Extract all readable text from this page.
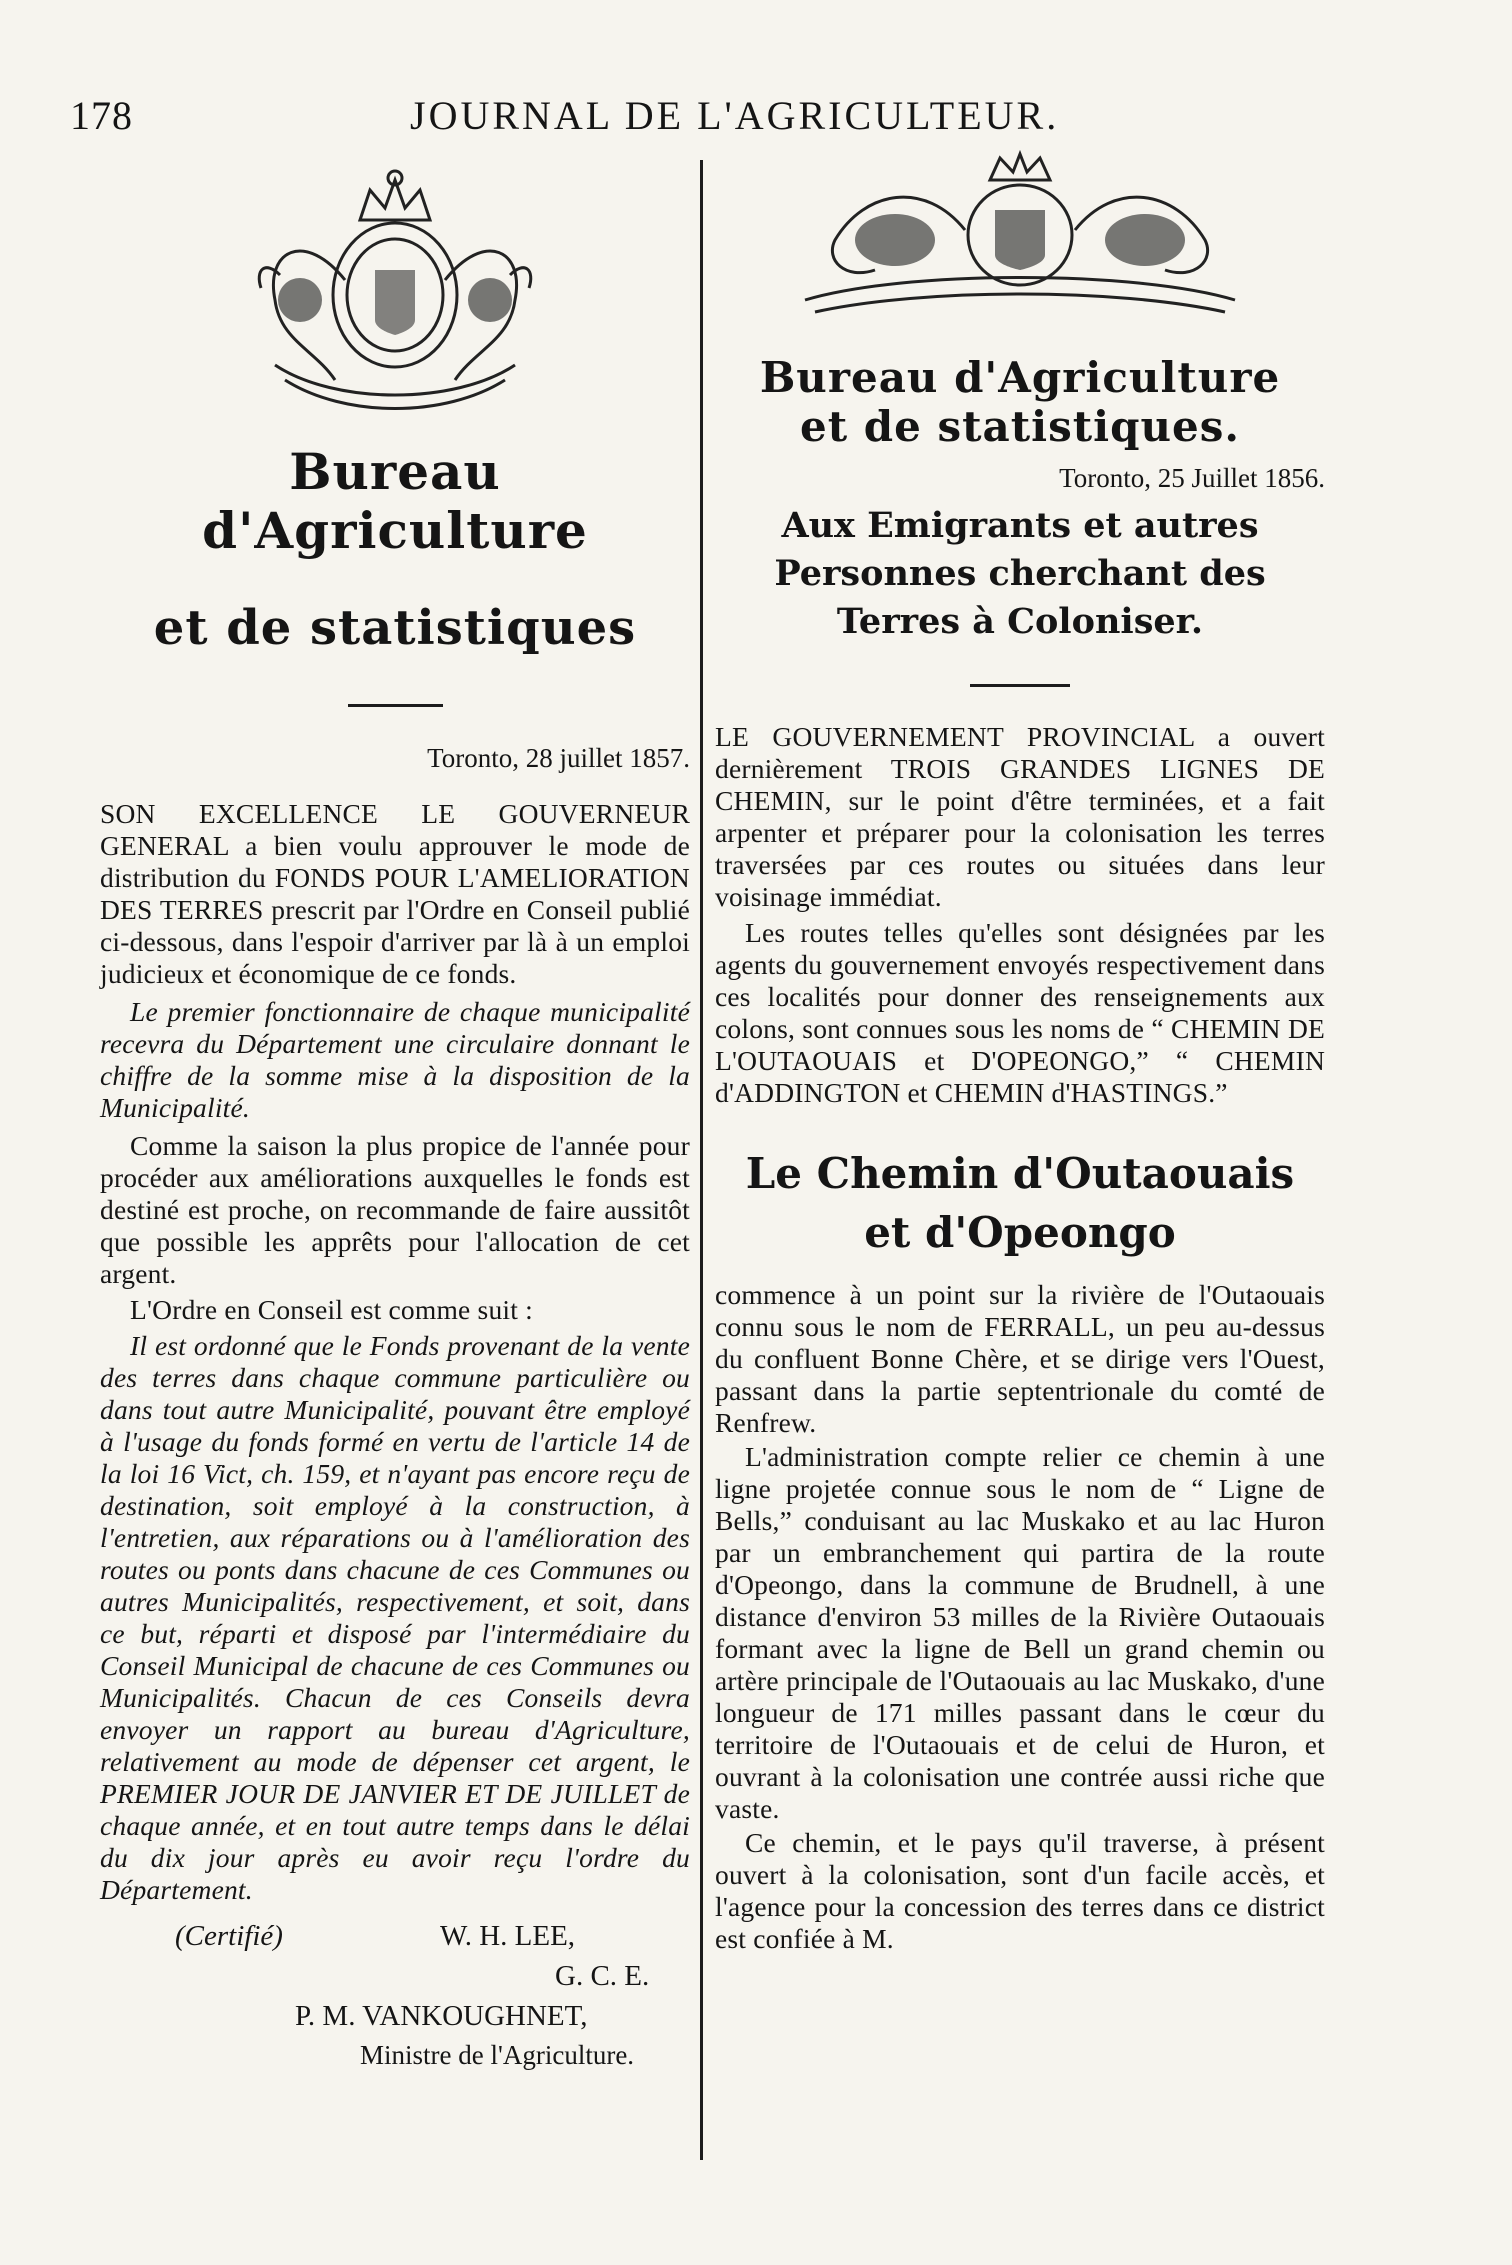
178	JOURNAL DE L'AGRICULTEUR.
Bureau d'Agriculture
et de statistiques

Toronto, 28 juillet 1857.

SON EXCELLENCE LE GOUVERNEUR GENERAL a bien voulu approuver le mode de distribution du FONDS POUR L'AMELIORATION DES TERRES prescrit par l'Ordre en Conseil publié ci-dessous, dans l'espoir d'arriver par là à un emploi judicieux et économique de ce fonds.

Le premier fonctionnaire de chaque municipalité recevra du Département une circulaire donnant le chiffre de la somme mise à la disposition de la Municipalité.

Comme la saison la plus propice de l'année pour procéder aux améliorations auxquelles le fonds est destiné est proche, on recommande de faire aussitôt que possible les apprêts pour l'allocation de cet argent.

L'Ordre en Conseil est comme suit :

Il est ordonné que le Fonds provenant de la vente des terres dans chaque commune particulière ou dans tout autre Municipalité, pouvant être employé à l'usage du fonds formé en vertu de l'article 14 de la loi 16 Vict, ch. 159, et n'ayant pas encore reçu de destination, soit employé à la construction, à l'entretien, aux réparations ou à l'amélioration des routes ou ponts dans chacune de ces Communes ou autres Municipalités, respectivement, et soit, dans ce but, réparti et disposé par l'intermédiaire du Conseil Municipal de chacune de ces Communes ou Municipalités. Chacun de ces Conseils devra envoyer un rapport au bureau d'Agriculture, relativement au mode de dépenser cet argent, le PREMIER JOUR DE JANVIER ET DE JUILLET de chaque année, et en tout autre temps dans le délai du dix jour après eu avoir reçu l'ordre du Département.

(Certifié)	W. H. LEE,
G. C. E.
P. M. VANKOUGHNET,
Ministre de l'Agriculture.
Bureau d'Agriculture
et de statistiques.

Toronto, 25 Juillet 1856.

Aux Emigrants et autres
Personnes cherchant des
Terres à Coloniser.

LE GOUVERNEMENT PROVINCIAL a ouvert dernièrement TROIS GRANDES LIGNES DE CHEMIN, sur le point d'être terminées, et a fait arpenter et préparer pour la colonisation les terres traversées par ces routes ou situées dans leur voisinage immédiat.

Les routes telles qu'elles sont désignées par les agents du gouvernement envoyés respectivement dans ces localités pour donner des renseignements aux colons, sont connues sous les noms de “ CHEMIN DE L'OUTAOUAIS et D'OPEONGO,” “ CHEMIN d'ADDINGTON et CHEMIN d'HASTINGS.”

Le Chemin d'Outaouais
et d'Opeongo

commence à un point sur la rivière de l'Outaouais connu sous le nom de FERRALL, un peu au-dessus du confluent Bonne Chère, et se dirige vers l'Ouest, passant dans la partie septentrionale du comté de Renfrew.

L'administration compte relier ce chemin à une ligne projetée connue sous le nom de “ Ligne de Bells,” conduisant au lac Muskako et au lac Huron par un embranchement qui partira de la route d'Opeongo, dans la commune de Brudnell, à une distance d'environ 53 milles de la Rivière Outaouais formant avec la ligne de Bell un grand chemin ou artère principale de l'Outaouais au lac Muskako, d'une longueur de 171 milles passant dans le cœur du territoire de l'Outaouais et de celui de Huron, et ouvrant à la colonisation une contrée aussi riche que vaste.

Ce chemin, et le pays qu'il traverse, à présent ouvert à la colonisation, sont d'un facile accès, et l'agence pour la concession des terres dans ce district est confiée à M.
